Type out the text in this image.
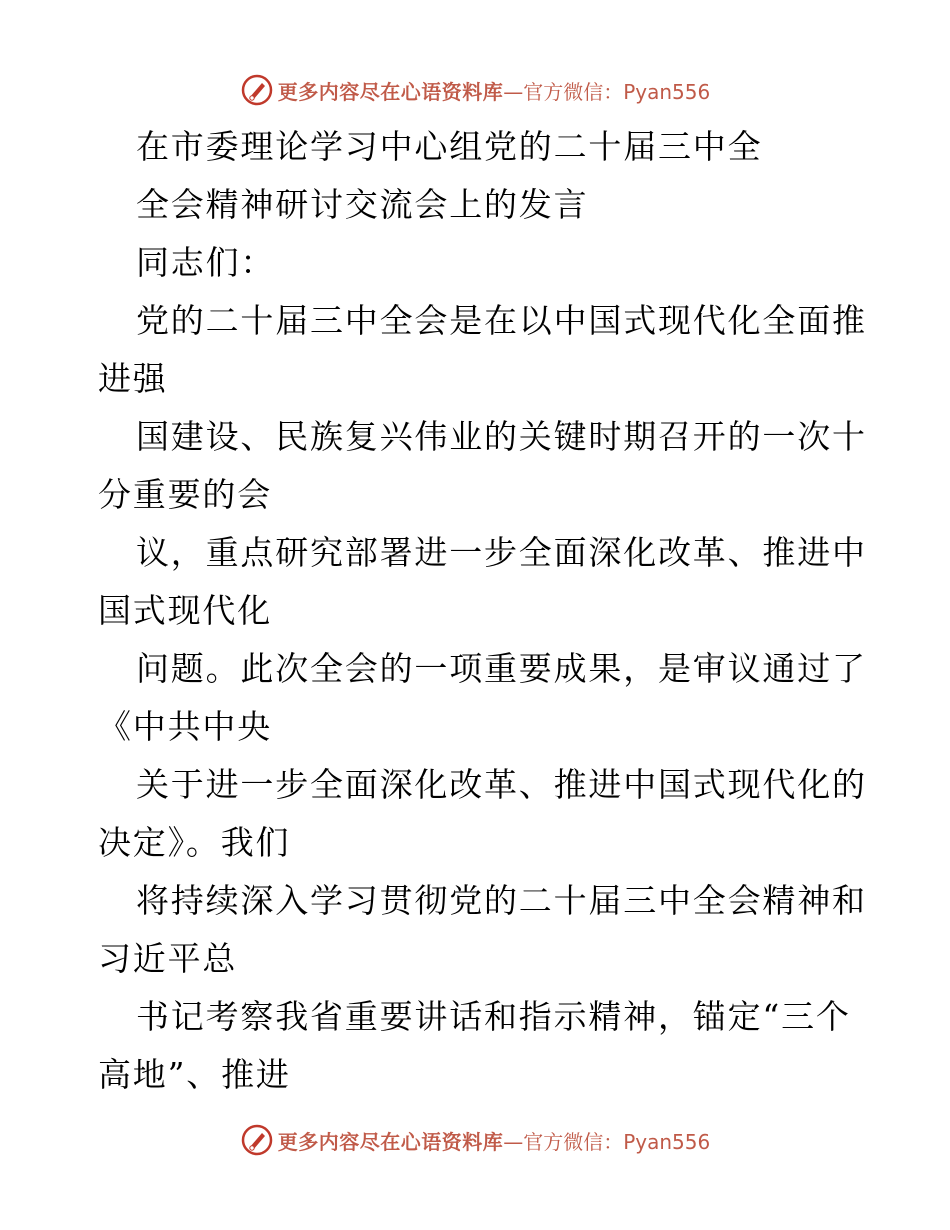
更多内容尽在心语资料库 —官方微信：Pyan556
在市委理论学习中心组党的二十届三中全
全会精神研讨交流会上的发言
同志们：
党的二十届三中全会是在以中国式现代化全面推
进强
国建设、民族复兴伟业的关键时期召开的一次十
分重要的会
议，重点研究部署进一步全面深化改革、推进中
国式现代化
问题。此次全会的一项重要成果，是审议通过了
《中共中央
关于进一步全面深化改革、推进中国式现代化的
决定》。我们
将持续深入学习贯彻党的二十届三中全会精神和
习近平总
书记考察我省重要讲话和指示精神，锚定“三个
高地”、推进
更多内容尽在心语资料库 —官方微信：Pyan556
